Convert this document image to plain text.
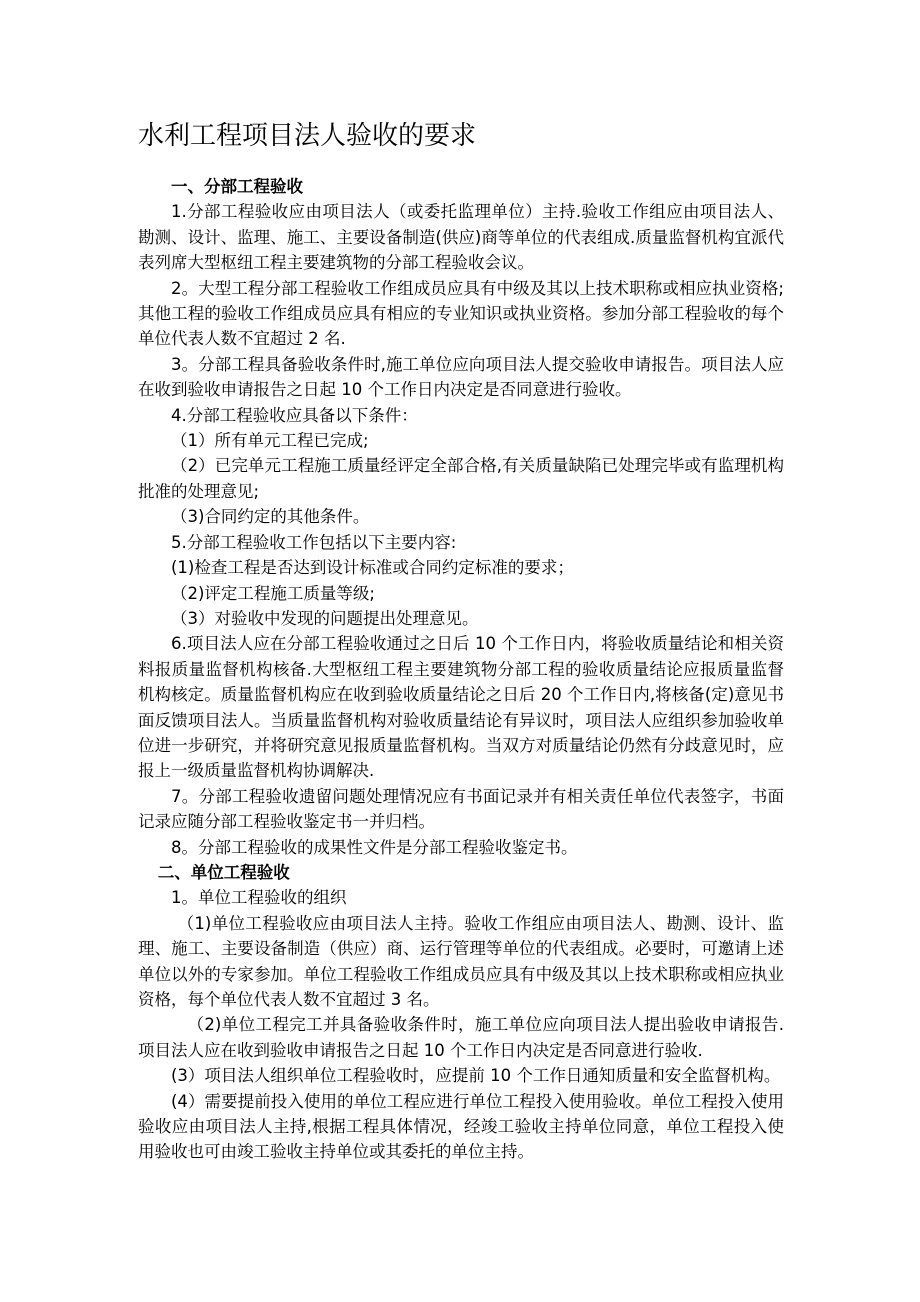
水利工程项目法人验收的要求

一、分部工程验收

1.分部工程验收应由项目法人（或委托监理单位）主持.验收工作组应由项目法人、勘测、设计、监理、施工、主要设备制造(供应)商等单位的代表组成.质量监督机构宜派代表列席大型枢纽工程主要建筑物的分部工程验收会议。

2。大型工程分部工程验收工作组成员应具有中级及其以上技术职称或相应执业资格;其他工程的验收工作组成员应具有相应的专业知识或执业资格。参加分部工程验收的每个单位代表人数不宜超过 2 名.

3。分部工程具备验收条件时,施工单位应向项目法人提交验收申请报告。项目法人应在收到验收申请报告之日起 10 个工作日内决定是否同意进行验收。

4.分部工程验收应具备以下条件：

（1）所有单元工程已完成;

（2）已完单元工程施工质量经评定全部合格,有关质量缺陷已处理完毕或有监理机构批准的处理意见;

（3)合同约定的其他条件。

5.分部工程验收工作包括以下主要内容:

(1)检查工程是否达到设计标准或合同约定标准的要求；

（2)评定工程施工质量等级;

（3）对验收中发现的问题提出处理意见。

6.项目法人应在分部工程验收通过之日后 10 个工作日内，将验收质量结论和相关资料报质量监督机构核备.大型枢纽工程主要建筑物分部工程的验收质量结论应报质量监督机构核定。质量监督机构应在收到验收质量结论之日后 20 个工作日内,将核备(定)意见书面反馈项目法人。当质量监督机构对验收质量结论有异议时，项目法人应组织参加验收单位进一步研究，并将研究意见报质量监督机构。当双方对质量结论仍然有分歧意见时，应报上一级质量监督机构协调解决.

7。分部工程验收遗留问题处理情况应有书面记录并有相关责任单位代表签字，书面记录应随分部工程验收鉴定书一并归档。

8。分部工程验收的成果性文件是分部工程验收鉴定书。

二、单位工程验收

1。单位工程验收的组织

（1)单位工程验收应由项目法人主持。验收工作组应由项目法人、勘测、设计、监理、施工、主要设备制造（供应）商、运行管理等单位的代表组成。必要时，可邀请上述单位以外的专家参加。单位工程验收工作组成员应具有中级及其以上技术职称或相应执业资格，每个单位代表人数不宜超过 3 名。

（2)单位工程完工并具备验收条件时，施工单位应向项目法人提出验收申请报告.项目法人应在收到验收申请报告之日起 10 个工作日内决定是否同意进行验收.

(3）项目法人组织单位工程验收时，应提前 10 个工作日通知质量和安全监督机构。

(4）需要提前投入使用的单位工程应进行单位工程投入使用验收。单位工程投入使用验收应由项目法人主持,根据工程具体情况，经竣工验收主持单位同意，单位工程投入使用验收也可由竣工验收主持单位或其委托的单位主持。
